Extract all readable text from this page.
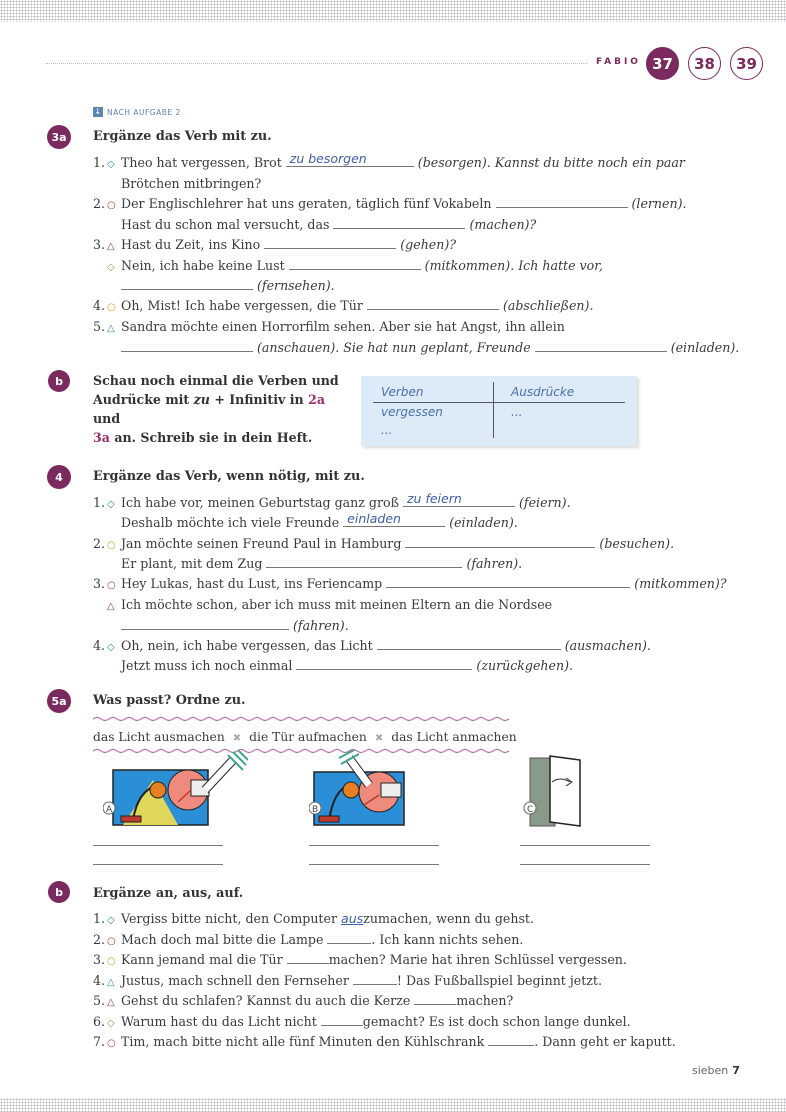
FABIO 37	38	39
↓ NACH AUFGABE 2
3a	Ergänze das Verb mit zu.
1. ◇ Theo hat vergessen, Brot zu besorgen	(besorgen). Kannst du bitte noch ein paar
Brötchen mitbringen?
2. ○ Der Englischlehrer hat uns geraten, täglich fünf Vokabeln	(lernen).
Hast du schon mal versucht, das	(machen)?
3. △ Hast du Zeit, ins Kino	(gehen)?
◇ Nein, ich habe keine Lust	(mitkommen). Ich hatte vor,
(fernsehen).
4. ○ Oh, Mist! Ich habe vergessen, die Tür	(abschließen).
5. △ Sandra möchte einen Horrorfilm sehen. Aber sie hat Angst, ihn allein
(anschauen). Sie hat nun geplant, Freunde	(einladen).
b	Schau noch einmal die Verben und
Audrücke mit zu + Infinitiv in 2a und
3a an. Schreib sie in dein Heft.
Verben	Ausdrücke
vergessen	...
...
4	Ergänze das Verb, wenn nötig, mit zu.
1. ◇ Ich habe vor, meinen Geburtstag ganz groß zu feiern	(feiern).
Deshalb möchte ich viele Freunde einladen	(einladen).
2. ○ Jan möchte seinen Freund Paul in Hamburg	(besuchen).
Er plant, mit dem Zug	(fahren).
3. ○ Hey Lukas, hast du Lust, ins Feriencamp	(mitkommen)?
△ Ich möchte schon, aber ich muss mit meinen Eltern an die Nordsee
(fahren).
4. ◇ Oh, nein, ich habe vergessen, das Licht	(ausmachen).
Jetzt muss ich noch einmal	(zurückgehen).
5a	Was passt? Ordne zu.
das Licht ausmachen ✖ die Tür aufmachen ✖ das Licht anmachen
A	B	C
b	Ergänze an, aus, auf.
1. ◇ Vergiss bitte nicht, den Computer auszumachen, wenn du gehst.
2. ○ Mach doch mal bitte die Lampe	. Ich kann nichts sehen.
3. ○ Kann jemand mal die Tür	machen? Marie hat ihren Schlüssel vergessen.
4. △ Justus, mach schnell den Fernseher	! Das Fußballspiel beginnt jetzt.
5. △ Gehst du schlafen? Kannst du auch die Kerze	machen?
6. ◇ Warum hast du das Licht nicht	gemacht? Es ist doch schon lange dunkel.
7. ○ Tim, mach bitte nicht alle fünf Minuten den Kühlschrank	. Dann geht er kaputt.
sieben 7
